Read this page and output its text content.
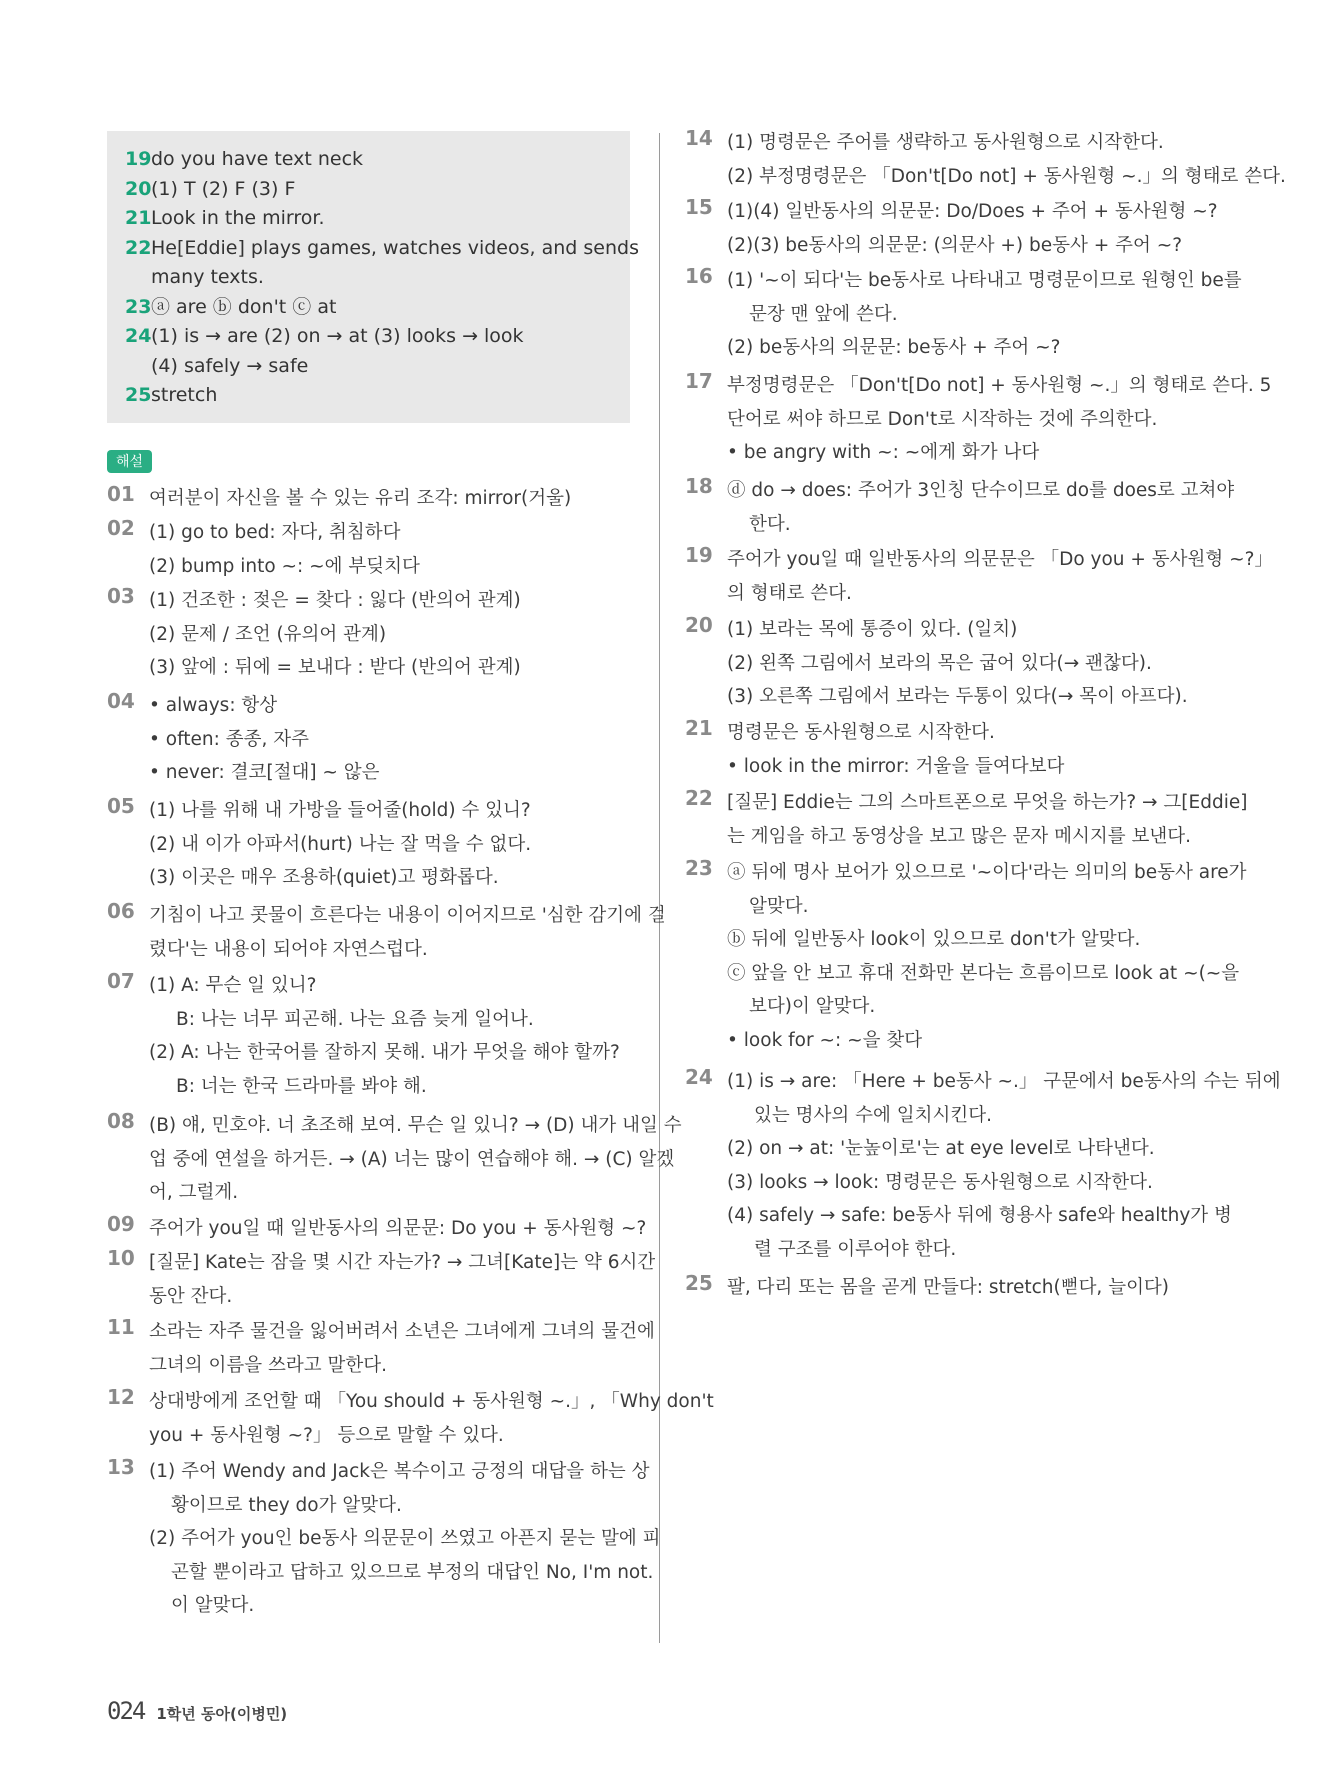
19do you have text neck
20(1) T (2) F (3) F
21Look in the mirror.
22He[Eddie] plays games, watches videos, and sends
many texts.
23ⓐ are ⓑ don't ⓒ at
24(1) is → are (2) on → at (3) looks → look
(4) safely → safe
25stretch
해설
01 여러분이 자신을 볼 수 있는 유리 조각: mirror(거울)
02 (1) go to bed: 자다, 취침하다
(2) bump into ~: ~에 부딪치다
03 (1) 건조한 : 젖은 = 찾다 : 잃다 (반의어 관계)
(2) 문제 / 조언 (유의어 관계)
(3) 앞에 : 뒤에 = 보내다 : 받다 (반의어 관계)
04 • always: 항상
• often: 종종, 자주
• never: 결코[절대] ~ 않은
05 (1) 나를 위해 내 가방을 들어줄(hold) 수 있니?
(2) 내 이가 아파서(hurt) 나는 잘 먹을 수 없다.
(3) 이곳은 매우 조용하(quiet)고 평화롭다.
06 기침이 나고 콧물이 흐른다는 내용이 이어지므로 '심한 감기에 걸
렸다'는 내용이 되어야 자연스럽다.
07 (1) A: 무슨 일 있니?
B: 나는 너무 피곤해. 나는 요즘 늦게 일어나.
(2) A: 나는 한국어를 잘하지 못해. 내가 무엇을 해야 할까?
B: 너는 한국 드라마를 봐야 해.
08 (B) 얘, 민호야. 너 초조해 보여. 무슨 일 있니? → (D) 내가 내일 수
업 중에 연설을 하거든. → (A) 너는 많이 연습해야 해. → (C) 알겠
어, 그럴게.
09 주어가 you일 때 일반동사의 의문문: Do you + 동사원형 ~?
10 [질문] Kate는 잠을 몇 시간 자는가? → 그녀[Kate]는 약 6시간
동안 잔다.
11 소라는 자주 물건을 잃어버려서 소년은 그녀에게 그녀의 물건에
그녀의 이름을 쓰라고 말한다.
12 상대방에게 조언할 때 「You should + 동사원형 ~.」, 「Why don't
you + 동사원형 ~?」 등으로 말할 수 있다.
13 (1) 주어 Wendy and Jack은 복수이고 긍정의 대답을 하는 상
황이므로 they do가 알맞다.
(2) 주어가 you인 be동사 의문문이 쓰였고 아픈지 묻는 말에 피
곤할 뿐이라고 답하고 있으므로 부정의 대답인 No, I'm not.
이 알맞다.
14 (1) 명령문은 주어를 생략하고 동사원형으로 시작한다.
(2) 부정명령문은 「Don't[Do not] + 동사원형 ~.」의 형태로 쓴다.
15 (1)(4) 일반동사의 의문문: Do/Does + 주어 + 동사원형 ~?
(2)(3) be동사의 의문문: (의문사 +) be동사 + 주어 ~?
16 (1) '~이 되다'는 be동사로 나타내고 명령문이므로 원형인 be를
문장 맨 앞에 쓴다.
(2) be동사의 의문문: be동사 + 주어 ~?
17 부정명령문은 「Don't[Do not] + 동사원형 ~.」의 형태로 쓴다. 5
단어로 써야 하므로 Don't로 시작하는 것에 주의한다.
• be angry with ~: ~에게 화가 나다
18 ⓓ do → does: 주어가 3인칭 단수이므로 do를 does로 고쳐야
한다.
19 주어가 you일 때 일반동사의 의문문은 「Do you + 동사원형 ~?」
의 형태로 쓴다.
20 (1) 보라는 목에 통증이 있다. (일치)
(2) 왼쪽 그림에서 보라의 목은 굽어 있다(→ 괜찮다).
(3) 오른쪽 그림에서 보라는 두통이 있다(→ 목이 아프다).
21 명령문은 동사원형으로 시작한다.
• look in the mirror: 거울을 들여다보다
22 [질문] Eddie는 그의 스마트폰으로 무엇을 하는가? → 그[Eddie]
는 게임을 하고 동영상을 보고 많은 문자 메시지를 보낸다.
23 ⓐ 뒤에 명사 보어가 있으므로 '~이다'라는 의미의 be동사 are가
알맞다.
ⓑ 뒤에 일반동사 look이 있으므로 don't가 알맞다.
ⓒ 앞을 안 보고 휴대 전화만 본다는 흐름이므로 look at ~(~을
보다)이 알맞다.
• look for ~: ~을 찾다
24 (1) is → are: 「Here + be동사 ~.」 구문에서 be동사의 수는 뒤에
있는 명사의 수에 일치시킨다.
(2) on → at: '눈높이로'는 at eye level로 나타낸다.
(3) looks → look: 명령문은 동사원형으로 시작한다.
(4) safely → safe: be동사 뒤에 형용사 safe와 healthy가 병
렬 구조를 이루어야 한다.
25 팔, 다리 또는 몸을 곧게 만들다: stretch(뻗다, 늘이다)
024 1학년 동아(이병민)
